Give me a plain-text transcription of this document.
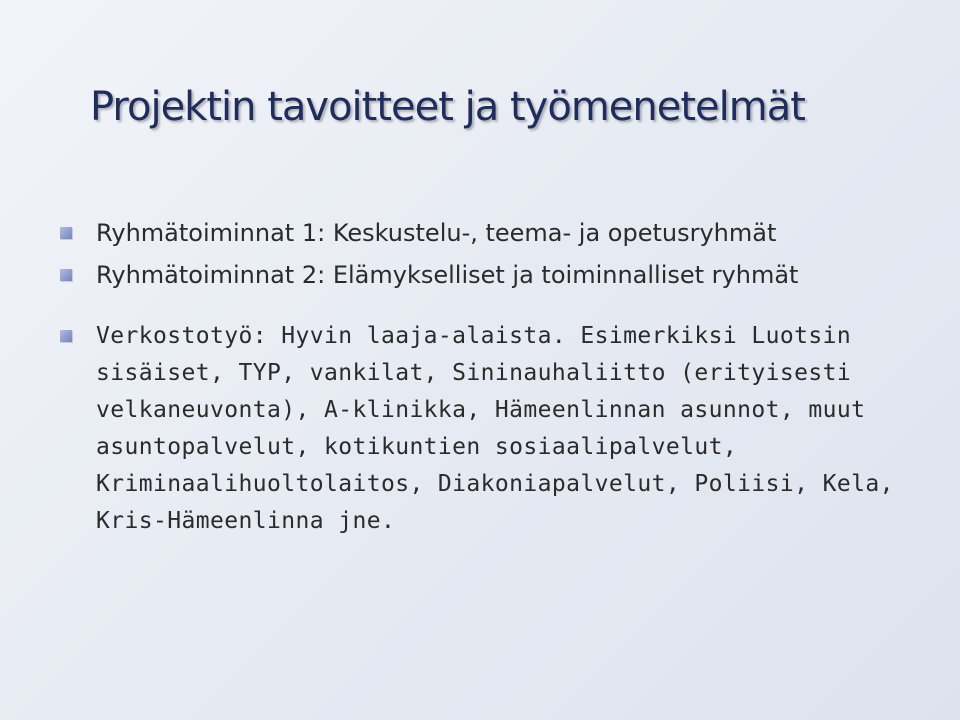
Projektin tavoitteet ja työmenetelmät
Ryhmätoiminnat 1: Keskustelu-, teema- ja opetusryhmät
Ryhmätoiminnat 2: Elämykselliset ja toiminnalliset ryhmät
Verkostotyö: Hyvin laaja-alaista. Esimerkiksi Luotsin sisäiset, TYP, vankilat, Sininauhaliitto (erityisesti velkaneuvonta), A-klinikka, Hämeenlinnan asunnot, muut asuntopalvelut, kotikuntien sosiaalipalvelut, Kriminaalihuoltolaitos, Diakoniapalvelut, Poliisi, Kela, Kris-Hämeenlinna jne.
